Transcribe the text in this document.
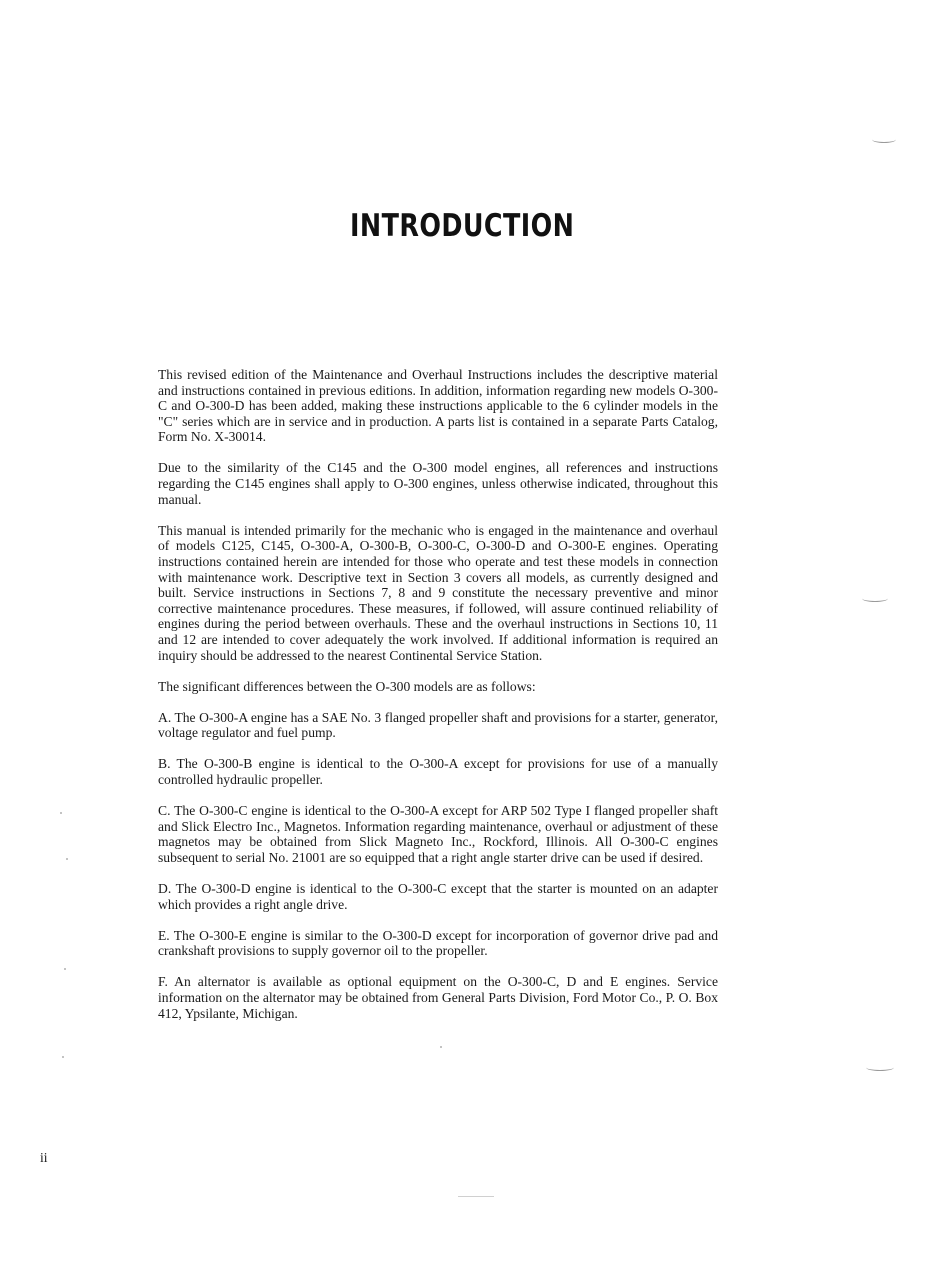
INTRODUCTION

This revised edition of the Maintenance and Overhaul Instructions includes the descriptive material and instructions contained in previous editions. In addition, information regarding new models O-300-C and O-300-D has been added, making these instructions applicable to the 6 cylinder models in the "C" series which are in service and in production. A parts list is contained in a separate Parts Catalog, Form No. X-30014.

Due to the similarity of the C145 and the O-300 model engines, all references and instructions regarding the C145 engines shall apply to O-300 engines, unless otherwise indicated, throughout this manual.

This manual is intended primarily for the mechanic who is engaged in the maintenance and overhaul of models C125, C145, O-300-A, O-300-B, O-300-C, O-300-D and O-300-E engines. Operating instructions contained herein are intended for those who operate and test these models in connection with maintenance work. Descriptive text in Section 3 covers all models, as currently designed and built. Service instructions in Sections 7, 8 and 9 constitute the necessary preventive and minor corrective maintenance procedures. These measures, if followed, will assure continued reliability of engines during the period between overhauls. These and the overhaul instructions in Sections 10, 11 and 12 are intended to cover adequately the work involved. If additional information is required an inquiry should be addressed to the nearest Continental Service Station.

The significant differences between the O-300 models are as follows:

A. The O-300-A engine has a SAE No. 3 flanged propeller shaft and provisions for a starter, generator, voltage regulator and fuel pump.

B. The O-300-B engine is identical to the O-300-A except for provisions for use of a manually controlled hydraulic propeller.

C. The O-300-C engine is identical to the O-300-A except for ARP 502 Type I flanged propeller shaft and Slick Electro Inc., Magnetos. Information regarding maintenance, overhaul or adjustment of these magnetos may be obtained from Slick Magneto Inc., Rockford, Illinois. All O-300-C engines subsequent to serial No. 21001 are so equipped that a right angle starter drive can be used if desired.

D. The O-300-D engine is identical to the O-300-C except that the starter is mounted on an adapter which provides a right angle drive.

E. The O-300-E engine is similar to the O-300-D except for incorporation of governor drive pad and crankshaft provisions to supply governor oil to the propeller.

F. An alternator is available as optional equipment on the O-300-C, D and E engines. Service information on the alternator may be obtained from General Parts Division, Ford Motor Co., P. O. Box 412, Ypsilante, Michigan.

ii
